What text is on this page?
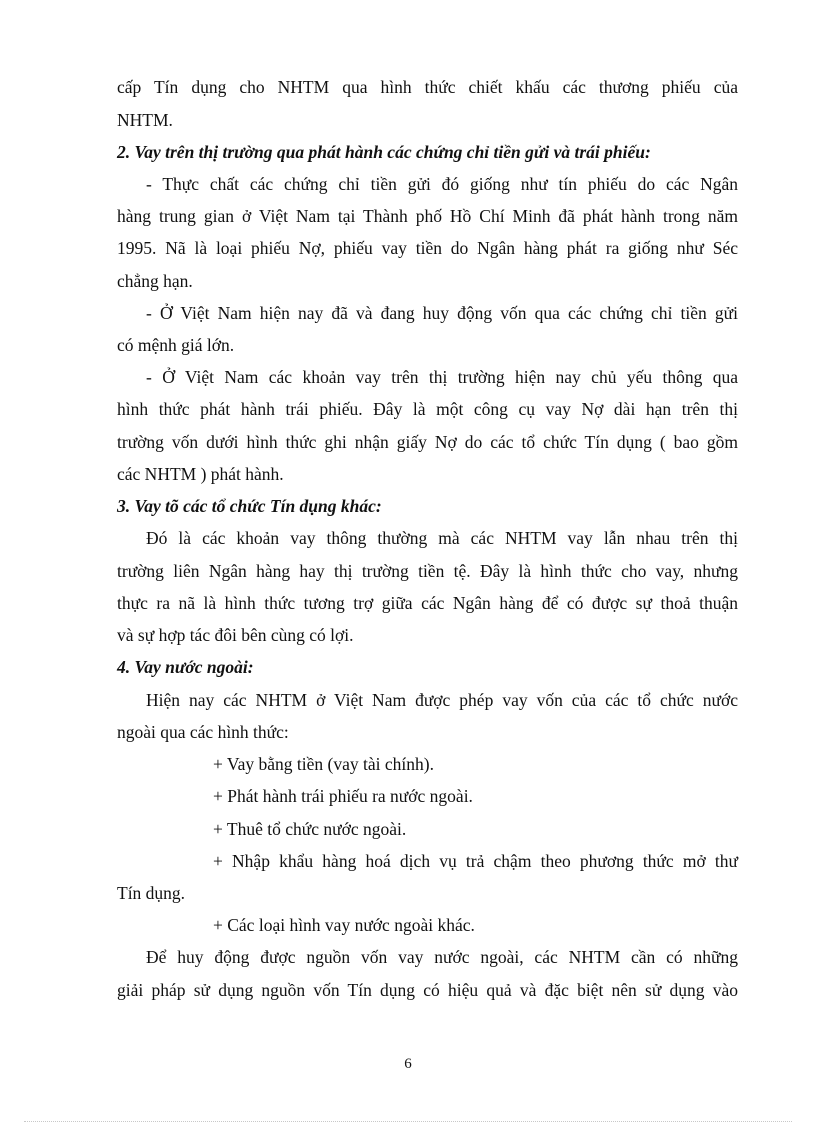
cấp Tín dụng cho NHTM qua hình thức chiết khấu các thương phiếu của
NHTM.
2. Vay trên thị trường qua phát hành các chứng chỉ tiền gửi và trái phiếu:
- Thực chất các chứng chỉ tiền gửi đó giống như tín phiếu do các Ngân
hàng trung gian ở Việt Nam tại Thành phố Hồ Chí Minh đã phát hành trong năm
1995. Nã là loại phiếu Nợ, phiếu vay tiền do Ngân hàng phát ra giống như Séc
chẳng hạn.
- Ở Việt Nam hiện nay đã và đang huy động vốn qua các chứng chỉ tiền gửi
có mệnh giá lớn.
- Ở Việt Nam các khoản vay trên thị trường hiện nay chủ yếu thông qua
hình thức phát hành trái phiếu. Đây là một công cụ vay Nợ dài hạn trên thị
trường vốn dưới hình thức ghi nhận giấy Nợ do các tổ chức Tín dụng ( bao gồm
các NHTM ) phát hành.
3. Vay tõ các tổ chức Tín dụng khác:
Đó là các khoản vay thông thường mà các NHTM vay lẫn nhau trên thị
trường liên Ngân hàng hay thị trường tiền tệ. Đây là hình thức cho vay, nhưng
thực ra nã là hình thức tương trợ giữa các Ngân hàng để có được sự thoả thuận
và sự hợp tác đôi bên cùng có lợi.
4. Vay nước ngoài:
Hiện nay các NHTM ở Việt Nam được phép vay vốn của các tổ chức nước
ngoài qua các hình thức:
+ Vay bằng tiền (vay tài chính).
+ Phát hành trái phiếu ra nước ngoài.
+ Thuê tổ chức nước ngoài.
+ Nhập khẩu hàng hoá dịch vụ trả chậm theo phương thức mở thư
Tín dụng.
+ Các loại hình vay nước ngoài khác.
Để huy động được nguồn vốn vay nước ngoài, các NHTM cần có những
giải pháp sử dụng nguồn vốn Tín dụng có hiệu quả và đặc biệt nên sử dụng vào
6
